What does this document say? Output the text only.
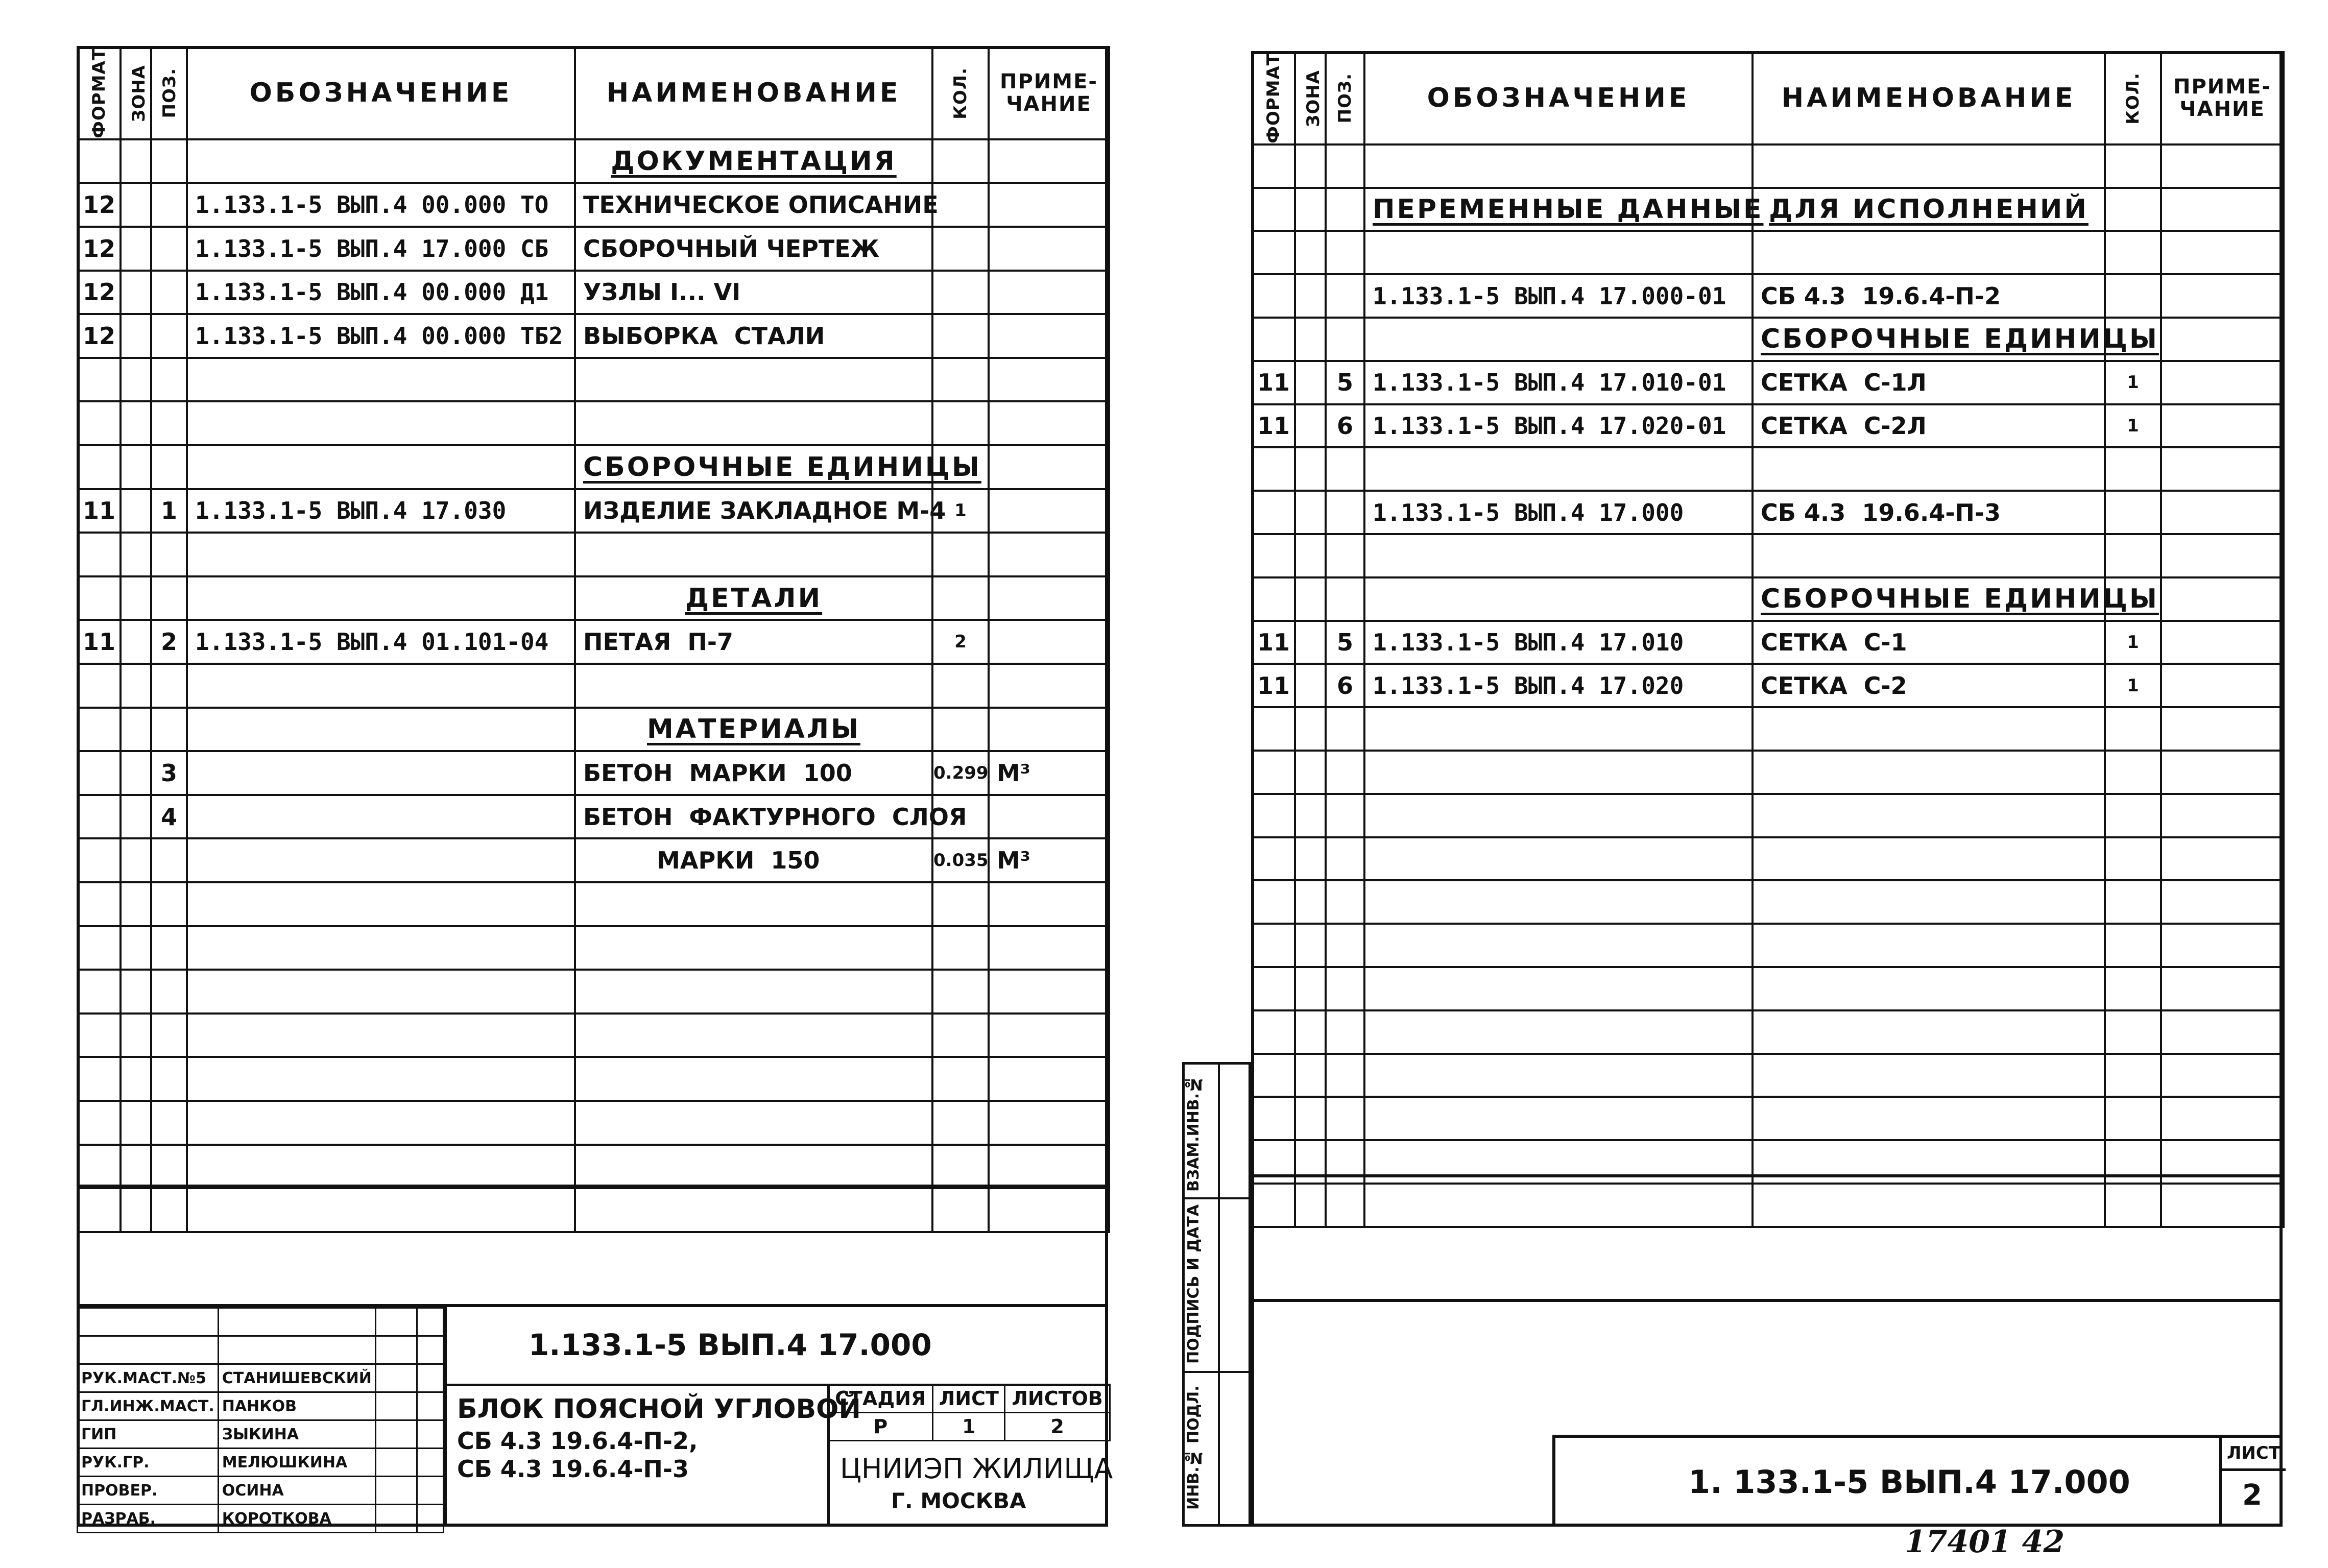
ФОРМАТ	ЗОНА	ПОЗ.	ОБОЗНАЧЕНИЕ	НАИМЕНОВАНИЕ	КОЛ.	ПРИМЕ-ЧАНИЕ
				ДОКУМЕНТАЦИЯ		
12			1.133.1-5 ВЫП.4 00.000 ТО	ТЕХНИЧЕСКОЕ ОПИСАНИЕ		
12			1.133.1-5 ВЫП.4 17.000 СБ	СБОРОЧНЫЙ ЧЕРТЕЖ		
12			1.133.1-5 ВЫП.4 00.000 Д1	УЗЛЫ I... VI		
12			1.133.1-5 ВЫП.4 00.000 ТБ2	ВЫБОРКА  СТАЛИ		

				СБОРОЧНЫЕ ЕДИНИЦЫ		
11		1	1.133.1-5 ВЫП.4 17.030	ИЗДЕЛИЕ ЗАКЛАДНОЕ М-4	1	

				ДЕТАЛИ		
11		2	1.133.1-5 ВЫП.4 01.101-04	ПЕТАЯ  П-7	2	

				МАТЕРИАЛЫ		
		3		БЕТОН  МАРКИ  100	0.299	М³
		4		БЕТОН  ФАКТУРНОГО  СЛОЯ		
				МАРКИ  150	0.035	М³

РУК.МАСТ.№5	СТАНИШЕВСКИЙ		
ГЛ.ИНЖ.МАСТ.	ПАНКОВ		
ГИП	ЗЫКИНА		
РУК.ГР.	МЕЛЮШКИНА		
ПРОВЕР.	ОСИНА		
РАЗРАБ.	КОРОТКОВА		
1.133.1-5 ВЫП.4 17.000
БЛОК ПОЯСНОЙ УГЛОВОЙ
СБ 4.3 19.6.4-П-2,
СБ 4.3 19.6.4-П-3
СТАДИЯ	ЛИСТ	ЛИСТОВ
Р	1	2
ЦНИИЭП ЖИЛИЩА
Г. МОСКВА
ФОРМАТ	ЗОНА	ПОЗ.	ОБОЗНАЧЕНИЕ	НАИМЕНОВАНИЕ	КОЛ.	ПРИМЕ-ЧАНИЕ

			ПЕРЕМЕННЫЕ ДАННЫЕ	ДЛЯ ИСПОЛНЕНИЙ		

			1.133.1-5 ВЫП.4 17.000-01	СБ 4.3  19.6.4-П-2		
				СБОРОЧНЫЕ ЕДИНИЦЫ		
11		5	1.133.1-5 ВЫП.4 17.010-01	СЕТКА  С-1Л	1	
11		6	1.133.1-5 ВЫП.4 17.020-01	СЕТКА  С-2Л	1	

			1.133.1-5 ВЫП.4 17.000	СБ 4.3  19.6.4-П-3		

				СБОРОЧНЫЕ ЕДИНИЦЫ		
11		5	1.133.1-5 ВЫП.4 17.010	СЕТКА  С-1	1	
11		6	1.133.1-5 ВЫП.4 17.020	СЕТКА  С-2	1	

1. 133.1-5 ВЫП.4 17.000
ЛИСТ
2
ВЗАМ.ИНВ.№
ПОДПИСЬ И ДАТА
ИНВ.№ ПОДЛ.
17401 42
